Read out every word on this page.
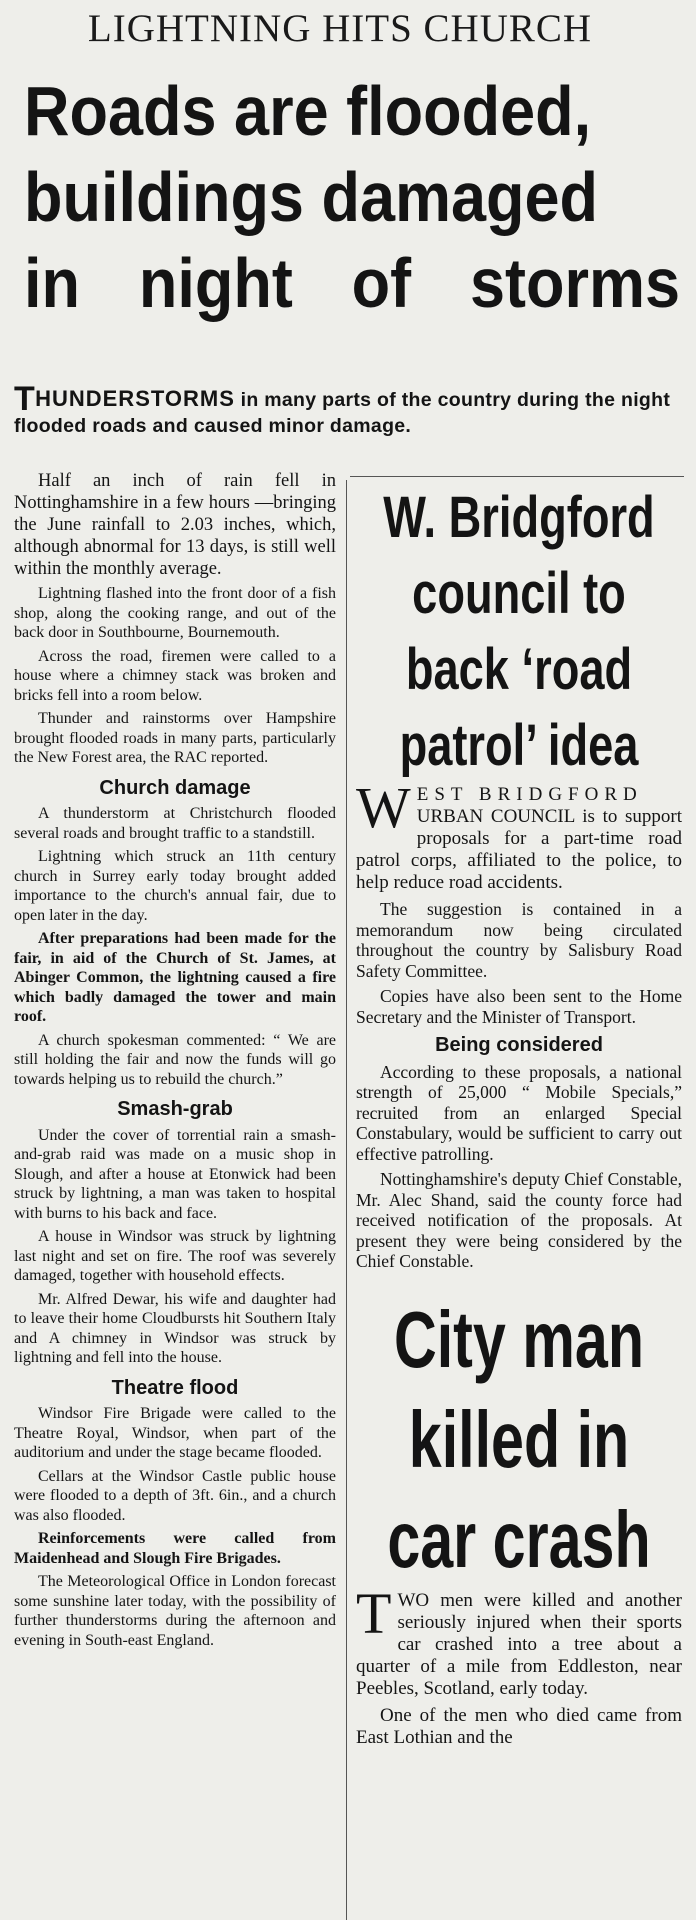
LIGHTNING HITS CHURCH
Roads are flooded,
buildings damaged
in night of storms
THUNDERSTORMS in many parts of the country during the night flooded roads and caused minor damage.

Half an inch of rain fell in Nottinghamshire in a few hours —bringing the June rainfall to 2.03 inches, which, although abnormal for 13 days, is still well within the monthly average.

Lightning flashed into the front door of a fish shop, along the cooking range, and out of the back door in Southbourne, Bournemouth.

Across the road, firemen were called to a house where a chimney stack was broken and bricks fell into a room below.

Thunder and rainstorms over Hampshire brought flooded roads in many parts, particularly the New Forest area, the RAC reported.

Church damage

A thunderstorm at Christchurch flooded several roads and brought traffic to a standstill.

Lightning which struck an 11th century church in Surrey early today brought added importance to the church's annual fair, due to open later in the day.

After preparations had been made for the fair, in aid of the Church of St. James, at Abinger Common, the lightning caused a fire which badly damaged the tower and main roof.

A church spokesman commented: “ We are still holding the fair and now the funds will go towards helping us to rebuild the church.”

Smash-grab

Under the cover of torrential rain a smash-and-grab raid was made on a music shop in Slough, and after a house at Etonwick had been struck by lightning, a man was taken to hospital with burns to his back and face.

A house in Windsor was struck by lightning last night and set on fire. The roof was severely damaged, together with household effects.

Mr. Alfred Dewar, his wife and daughter had to leave their home Cloudbursts hit Southern Italy and A chimney in Windsor was struck by lightning and fell into the house.

Theatre flood

Windsor Fire Brigade were called to the Theatre Royal, Windsor, when part of the auditorium and under the stage became flooded.

Cellars at the Windsor Castle public house were flooded to a depth of 3ft. 6in., and a church was also flooded.

Reinforcements were called from Maidenhead and Slough Fire Brigades.

The Meteorological Office in London forecast some sunshine later today, with the possibility of further thunderstorms during the afternoon and evening in South-east England.

W. Bridgford
council to
back ‘road
patrol’ idea

WEST BRIDGFORD
URBAN COUNCIL is to support proposals for a part-time road patrol corps, affiliated to the police, to help reduce road accidents.

The suggestion is contained in a memorandum now being circulated throughout the country by Salisbury Road Safety Committee.

Copies have also been sent to the Home Secretary and the Minister of Transport.

Being considered

According to these proposals, a national strength of 25,000 “ Mobile Specials,” recruited from an enlarged Special Constabulary, would be sufficient to carry out effective patrolling.

Nottinghamshire's deputy Chief Constable, Mr. Alec Shand, said the county force had received notification of the proposals. At present they were being considered by the Chief Constable.

City man
killed in
car crash

TWO men were killed and another seriously injured when their sports car crashed into a tree about a quarter of a mile from Eddleston, near Peebles, Scotland, early today.

One of the men who died came from East Lothian and the
